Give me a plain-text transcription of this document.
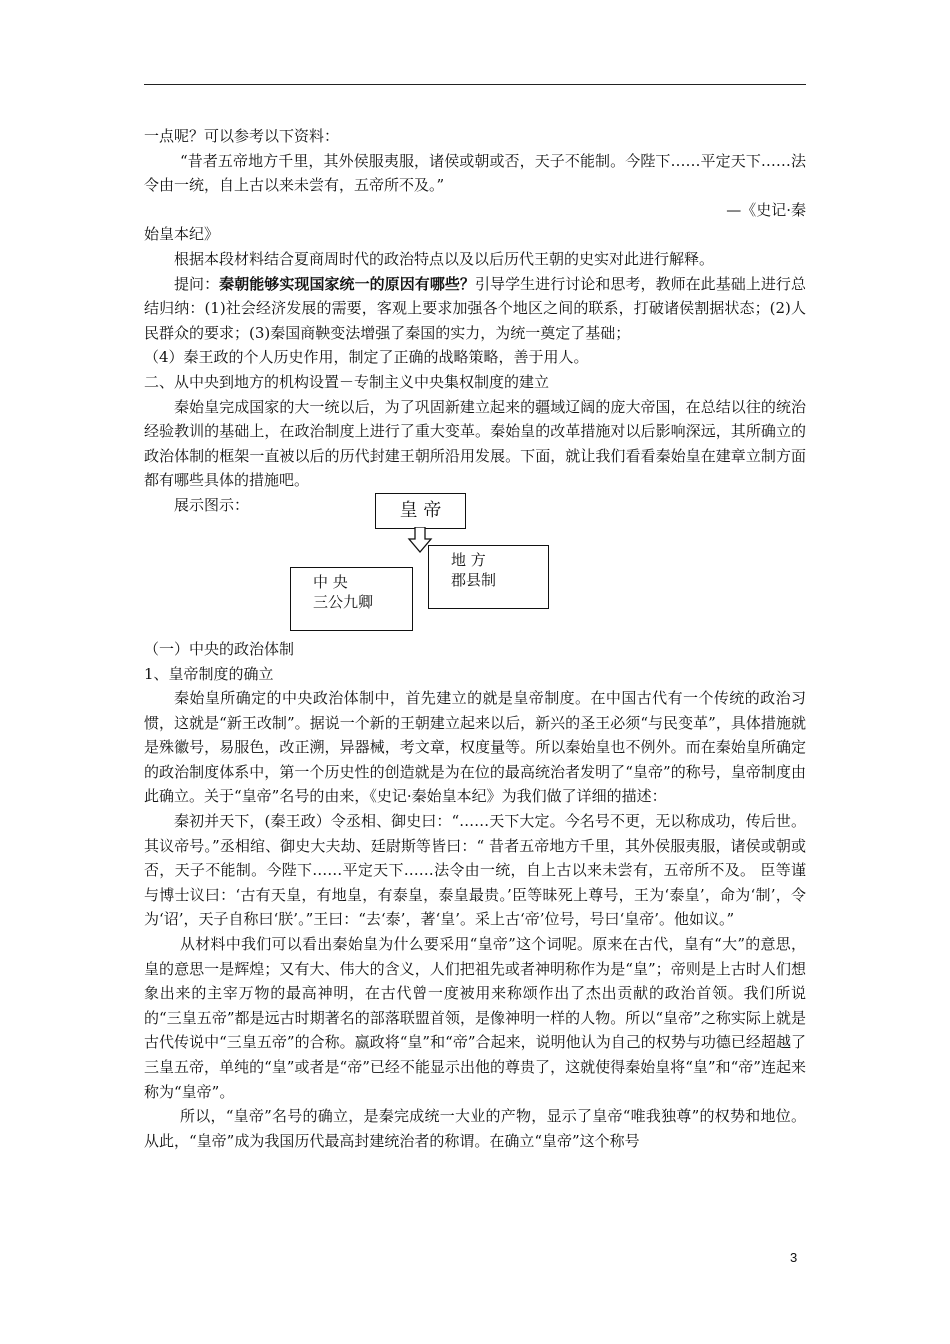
一点呢？可以参考以下资料：

“昔者五帝地方千里，其外侯服夷服，诸侯或朝或否，天子不能制。今陛下……平定天下……法令由一统，自上古以来未尝有，五帝所不及。”

—《史记·秦

始皇本纪》

根据本段材料结合夏商周时代的政治特点以及以后历代王朝的史实对此进行解释。

提问：秦朝能够实现国家统一的原因有哪些？引导学生进行讨论和思考，教师在此基础上进行总结归纳：(1)社会经济发展的需要，客观上要求加强各个地区之间的联系，打破诸侯割据状态；(2)人民群众的要求；(3)秦国商鞅变法增强了秦国的实力，为统一奠定了基础；

（4）秦王政的个人历史作用，制定了正确的战略策略，善于用人。

二、从中央到地方的机构设置－专制主义中央集权制度的建立

秦始皇完成国家的大一统以后，为了巩固新建立起来的疆域辽阔的庞大帝国，在总结以往的统治经验教训的基础上，在政治制度上进行了重大变革。秦始皇的改革措施对以后影响深远，其所确立的政治体制的框架一直被以后的历代封建王朝所沿用发展。下面，就让我们看看秦始皇在建章立制方面都有哪些具体的措施吧。

展示图示：
地 方
郡县制
中 央
三公九卿
皇 帝

（一）中央的政治体制

1、皇帝制度的确立

秦始皇所确定的中央政治体制中，首先建立的就是皇帝制度。在中国古代有一个传统的政治习惯，这就是“新王改制”。据说一个新的王朝建立起来以后，新兴的圣王必须“与民变革”，具体措施就是殊徽号，易服色，改正溯，异器械，考文章，权度量等。所以秦始皇也不例外。而在秦始皇所确定的政治制度体系中，第一个历史性的创造就是为在位的最高统治者发明了“皇帝”的称号，皇帝制度由此确立。关于“皇帝”名号的由来，《史记·秦始皇本纪》为我们做了详细的描述：

秦初并天下，(秦王政）令丞相、御史曰：“……天下大定。今名号不更，无以称成功，传后世。其议帝号。”丞相绾、御史大夫劫、廷尉斯等皆曰：“ 昔者五帝地方千里，其外侯服夷服，诸侯或朝或否，天子不能制。今陛下……平定天下……法令由一统，自上古以来未尝有，五帝所不及。 臣等谨与博士议曰：‘古有天皇，有地皇，有泰皇，泰皇最贵。’臣等昧死上尊号，王为‘泰皇’，命为‘制’，令为‘诏’，天子自称曰‘朕’。”王曰：“去‘泰’，著‘皇’。采上古‘帝’位号，号曰‘皇帝’。他如议。”

从材料中我们可以看出秦始皇为什么要采用“皇帝”这个词呢。原来在古代，皇有“大”的意思，皇的意思一是辉煌；又有大、伟大的含义，人们把祖先或者神明称作为是“皇”；帝则是上古时人们想象出来的主宰万物的最高神明，在古代曾一度被用来称颂作出了杰出贡献的政治首领。我们所说的“三皇五帝”都是远古时期著名的部落联盟首领，是像神明一样的人物。所以“皇帝”之称实际上就是古代传说中“三皇五帝”的合称。嬴政将“皇”和“帝”合起来，说明他认为自己的权势与功德已经超越了三皇五帝，单纯的“皇”或者是“帝”已经不能显示出他的尊贵了，这就使得秦始皇将“皇”和“帝”连起来称为“皇帝”。

所以，“皇帝”名号的确立，是秦完成统一大业的产物，显示了皇帝“唯我独尊”的权势和地位。从此，“皇帝”成为我国历代最高封建统治者的称谓。在确立“皇帝”这个称号

3
